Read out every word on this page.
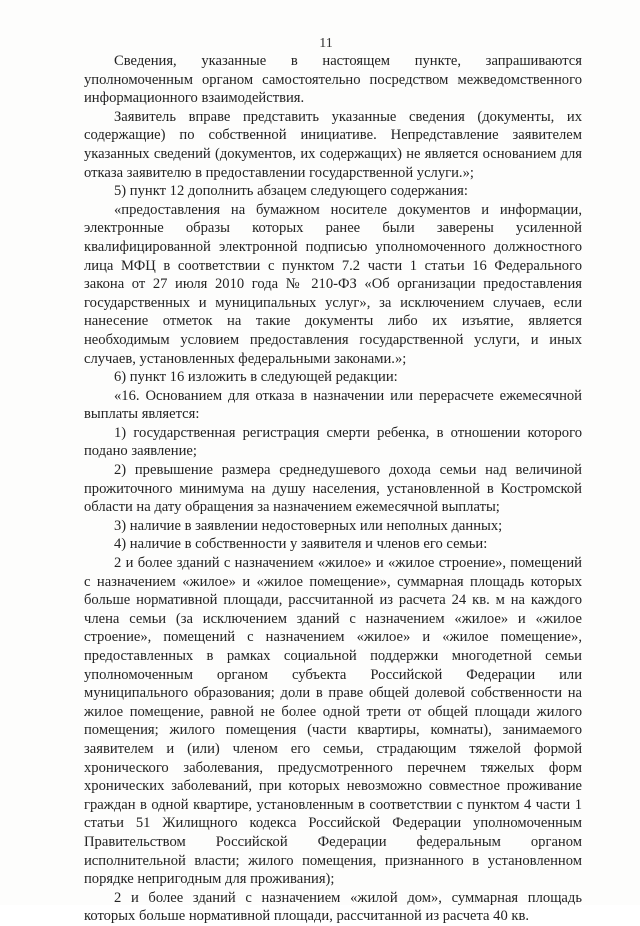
11

Сведения, указанные в настоящем пункте, запрашиваются уполномоченным органом самостоятельно посредством межведомственного информационного взаимодействия.

Заявитель вправе представить указанные сведения (документы, их содержащие) по собственной инициативе. Непредставление заявителем указанных сведений (документов, их содержащих) не является основанием для отказа заявителю в предоставлении государственной услуги.»;

5) пункт 12 дополнить абзацем следующего содержания:

«предоставления на бумажном носителе документов и информации, электронные образы которых ранее были заверены усиленной квалифицированной электронной подписью уполномоченного должностного лица МФЦ в соответствии с пунктом 7.2 части 1 статьи 16 Федерального закона от 27 июля 2010 года № 210-ФЗ «Об организации предоставления государственных и муниципальных услуг», за исключением случаев, если нанесение отметок на такие документы либо их изъятие, является необходимым условием предоставления государственной услуги, и иных случаев, установленных федеральными законами.»;

6) пункт 16 изложить в следующей редакции:

«16. Основанием для отказа в назначении или перерасчете ежемесячной выплаты является:

1) государственная регистрация смерти ребенка, в отношении которого подано заявление;

2) превышение размера среднедушевого дохода семьи над величиной прожиточного минимума на душу населения, установленной в Костромской области на дату обращения за назначением ежемесячной выплаты;

3) наличие в заявлении недостоверных или неполных данных;

4) наличие в собственности у заявителя и членов его семьи:

2 и более зданий с назначением «жилое» и «жилое строение», помещений с назначением «жилое» и «жилое помещение», суммарная площадь которых больше нормативной площади, рассчитанной из расчета 24 кв. м на каждого члена семьи (за исключением зданий с назначением «жилое» и «жилое строение», помещений с назначением «жилое» и «жилое помещение», предоставленных в рамках социальной поддержки многодетной семьи уполномоченным органом субъекта Российской Федерации или муниципального образования; доли в праве общей долевой собственности на жилое помещение, равной не более одной трети от общей площади жилого помещения; жилого помещения (части квартиры, комнаты), занимаемого заявителем и (или) членом его семьи, страдающим тяжелой формой хронического заболевания, предусмотренного перечнем тяжелых форм хронических заболеваний, при которых невозможно совместное проживание граждан в одной квартире, установленным в соответствии с пунктом 4 части 1 статьи 51 Жилищного кодекса Российской Федерации уполномоченным Правительством Российской Федерации федеральным органом исполнительной власти; жилого помещения, признанного в установленном порядке непригодным для проживания);

2 и более зданий с назначением «жилой дом», суммарная площадь которых больше нормативной площади, рассчитанной из расчета 40 кв.
